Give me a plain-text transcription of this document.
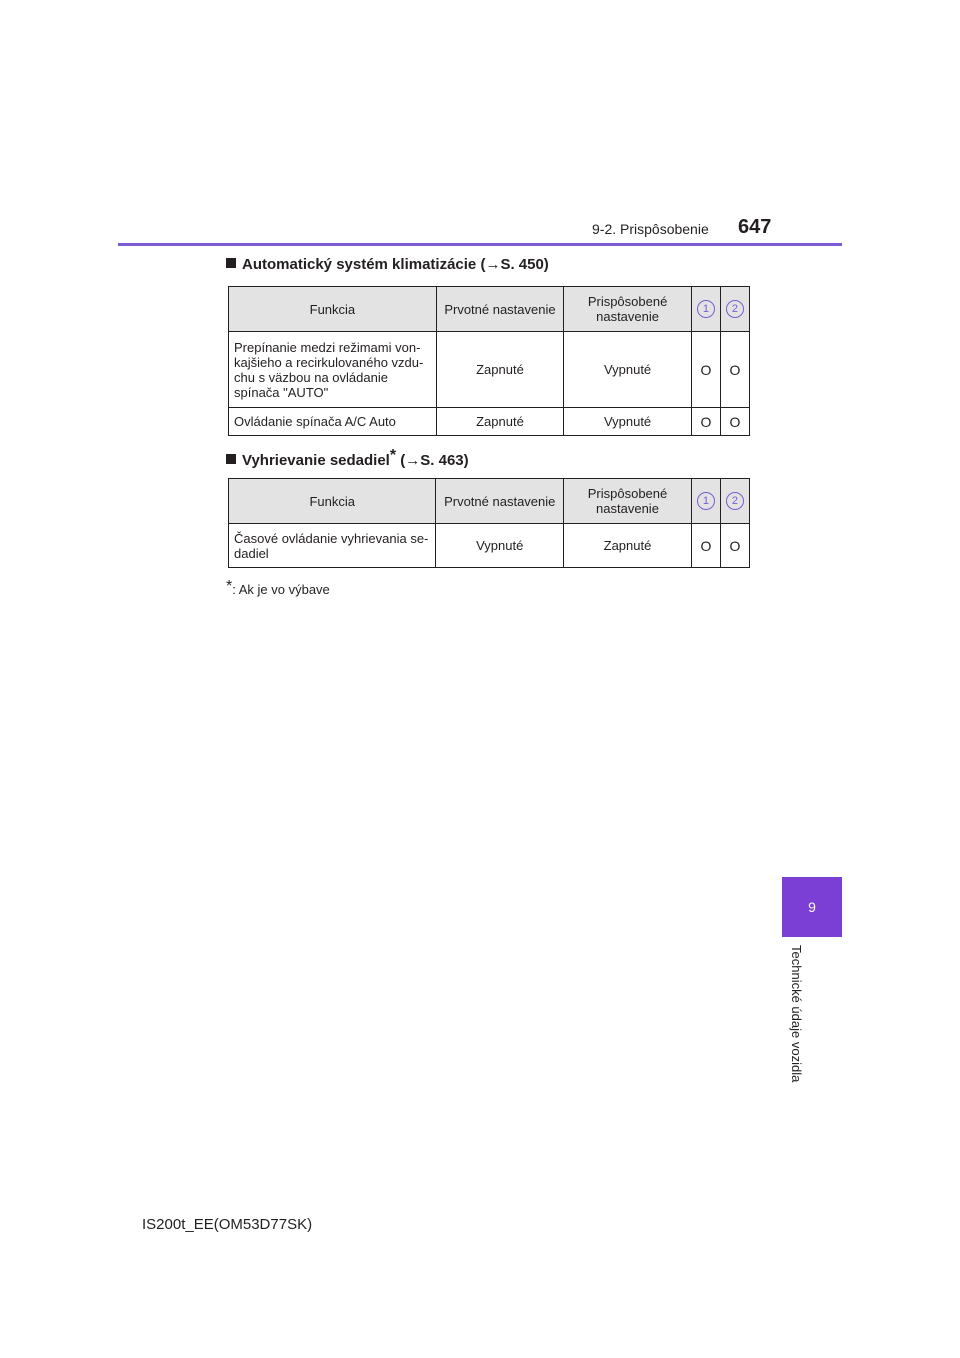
9-2. Prispôsobenie 647
9
Technické údaje vozidla
Automatický systém klimatizácie (→S. 450)
Funkcia	Prvotné nastavenie	Prispôsobené nastavenie	1	2
Prepínanie medzi režimami von-kajšieho a recirkulovaného vzdu-chu s väzbou na ovládanie spínača "AUTO"	Zapnuté	Vypnuté	O	O
Ovládanie spínača A/C Auto	Zapnuté	Vypnuté	O	O
Vyhrievanie sedadiel* (→S. 463)
Funkcia	Prvotné nastavenie	Prispôsobené nastavenie	1	2
Časové ovládanie vyhrievania se-dadiel	Vypnuté	Zapnuté	O	O
*: Ak je vo výbave
IS200t_EE(OM53D77SK)
